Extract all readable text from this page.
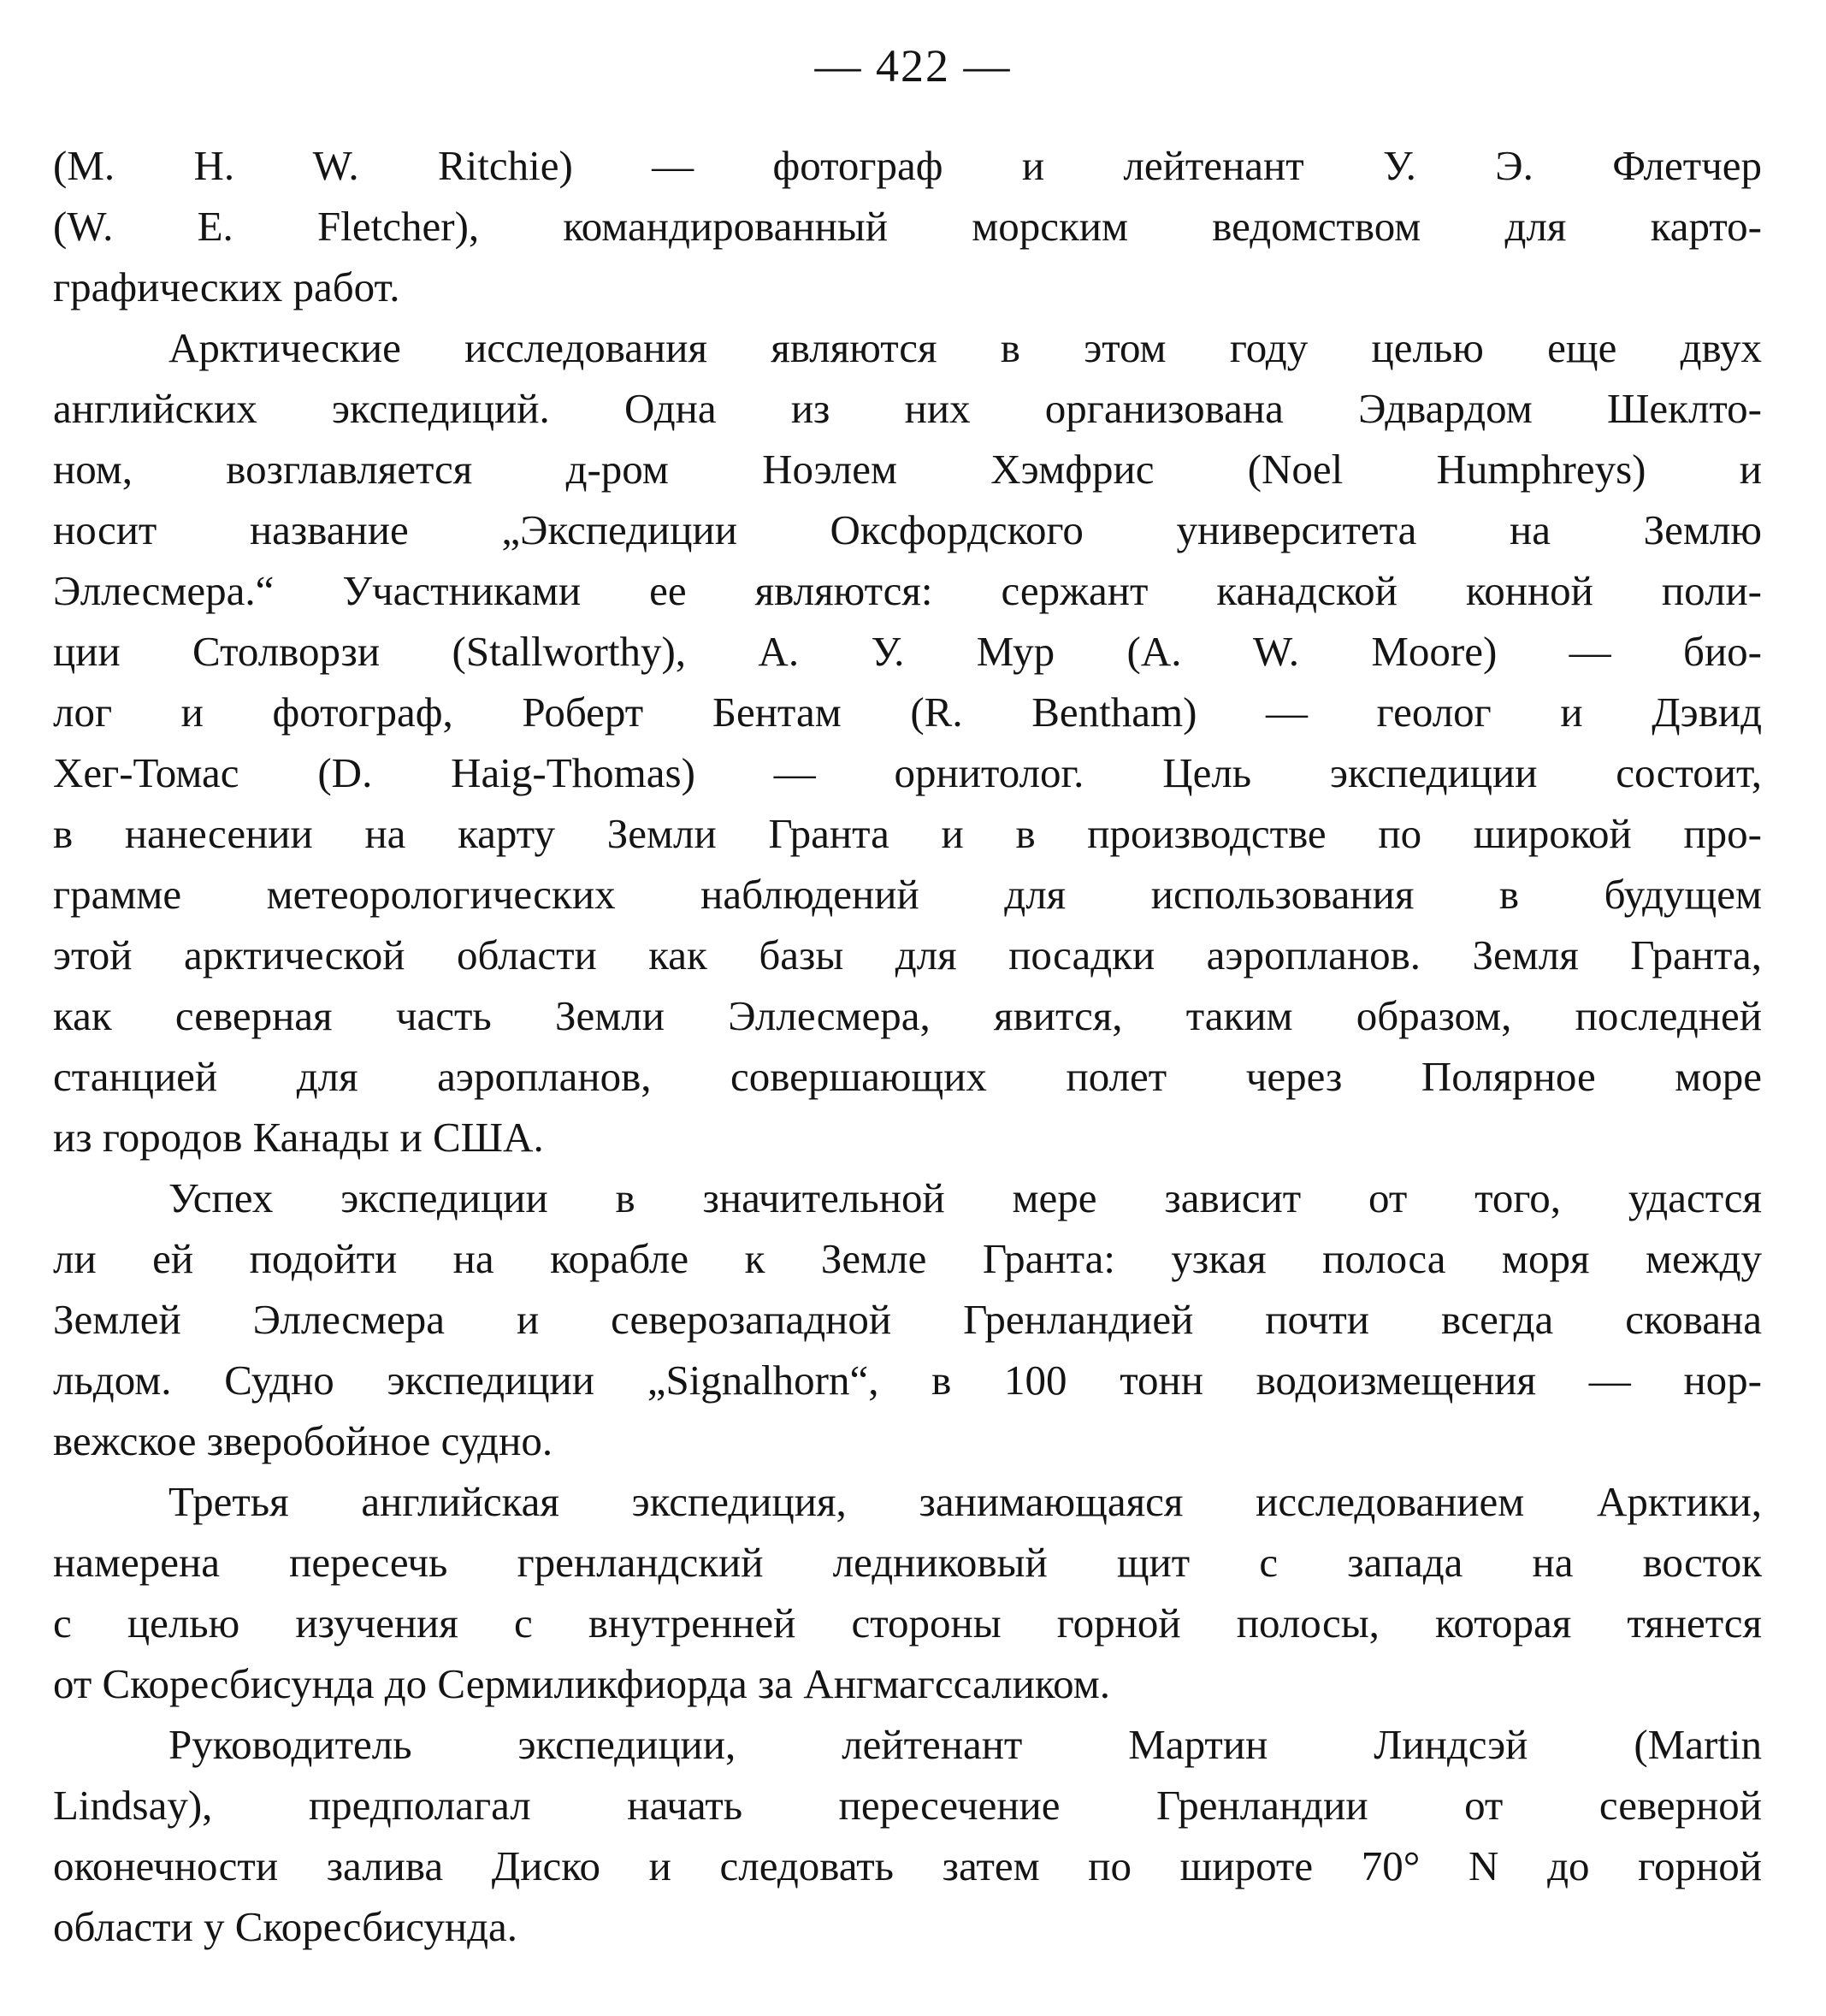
— 422 —
(M. H. W. Ritchie) — фотограф и лейтенант У. Э. Флетчер
(W. E. Fletcher), командированный морским ведомством для карто-
графических работ.
Арктические исследования являются в этом году целью еще двух
английских экспедиций. Одна из них организована Эдвардом Шеклто-
ном, возглавляется д-ром Ноэлем Хэмфрис (Noel Humphreys) и
носит название „Экспедиции Оксфордского университета на Землю
Эллесмера.“ Участниками ее являются: сержант канадской конной поли-
ции Столворзи (Stallworthy), А. У. Мур (A. W. Moore) — био-
лог и фотограф, Роберт Бентам (R. Bentham) — геолог и Дэвид
Хег-Томас (D. Haig-Thomas) — орнитолог. Цель экспедиции состоит,
в нанесении на карту Земли Гранта и в производстве по широкой про-
грамме метеорологических наблюдений для использования в будущем
этой арктической области как базы для посадки аэропланов. Земля Гранта,
как северная часть Земли Эллесмера, явится, таким образом, последней
станцией для аэропланов, совершающих полет через Полярное море
из городов Канады и США.
Успех экспедиции в значительной мере зависит от того, удастся
ли ей подойти на корабле к Земле Гранта: узкая полоса моря между
Землей Эллесмера и северозападной Гренландией почти всегда скована
льдом. Судно экспедиции „Signalhorn“, в 100 тонн водоизмещения — нор-
вежское зверобойное судно.
Третья английская экспедиция, занимающаяся исследованием Арктики,
намерена пересечь гренландский ледниковый щит с запада на восток
с целью изучения с внутренней стороны горной полосы, которая тянется
от Скоресбисунда до Сермиликфиорда за Ангмагссаликом.
Руководитель экспедиции, лейтенант Мартин Линдсэй (Martin
Lindsay), предполагал начать пересечение Гренландии от северной
оконечности залива Диско и следовать затем по широте 70° N до горной
области у Скоресбисунда.
